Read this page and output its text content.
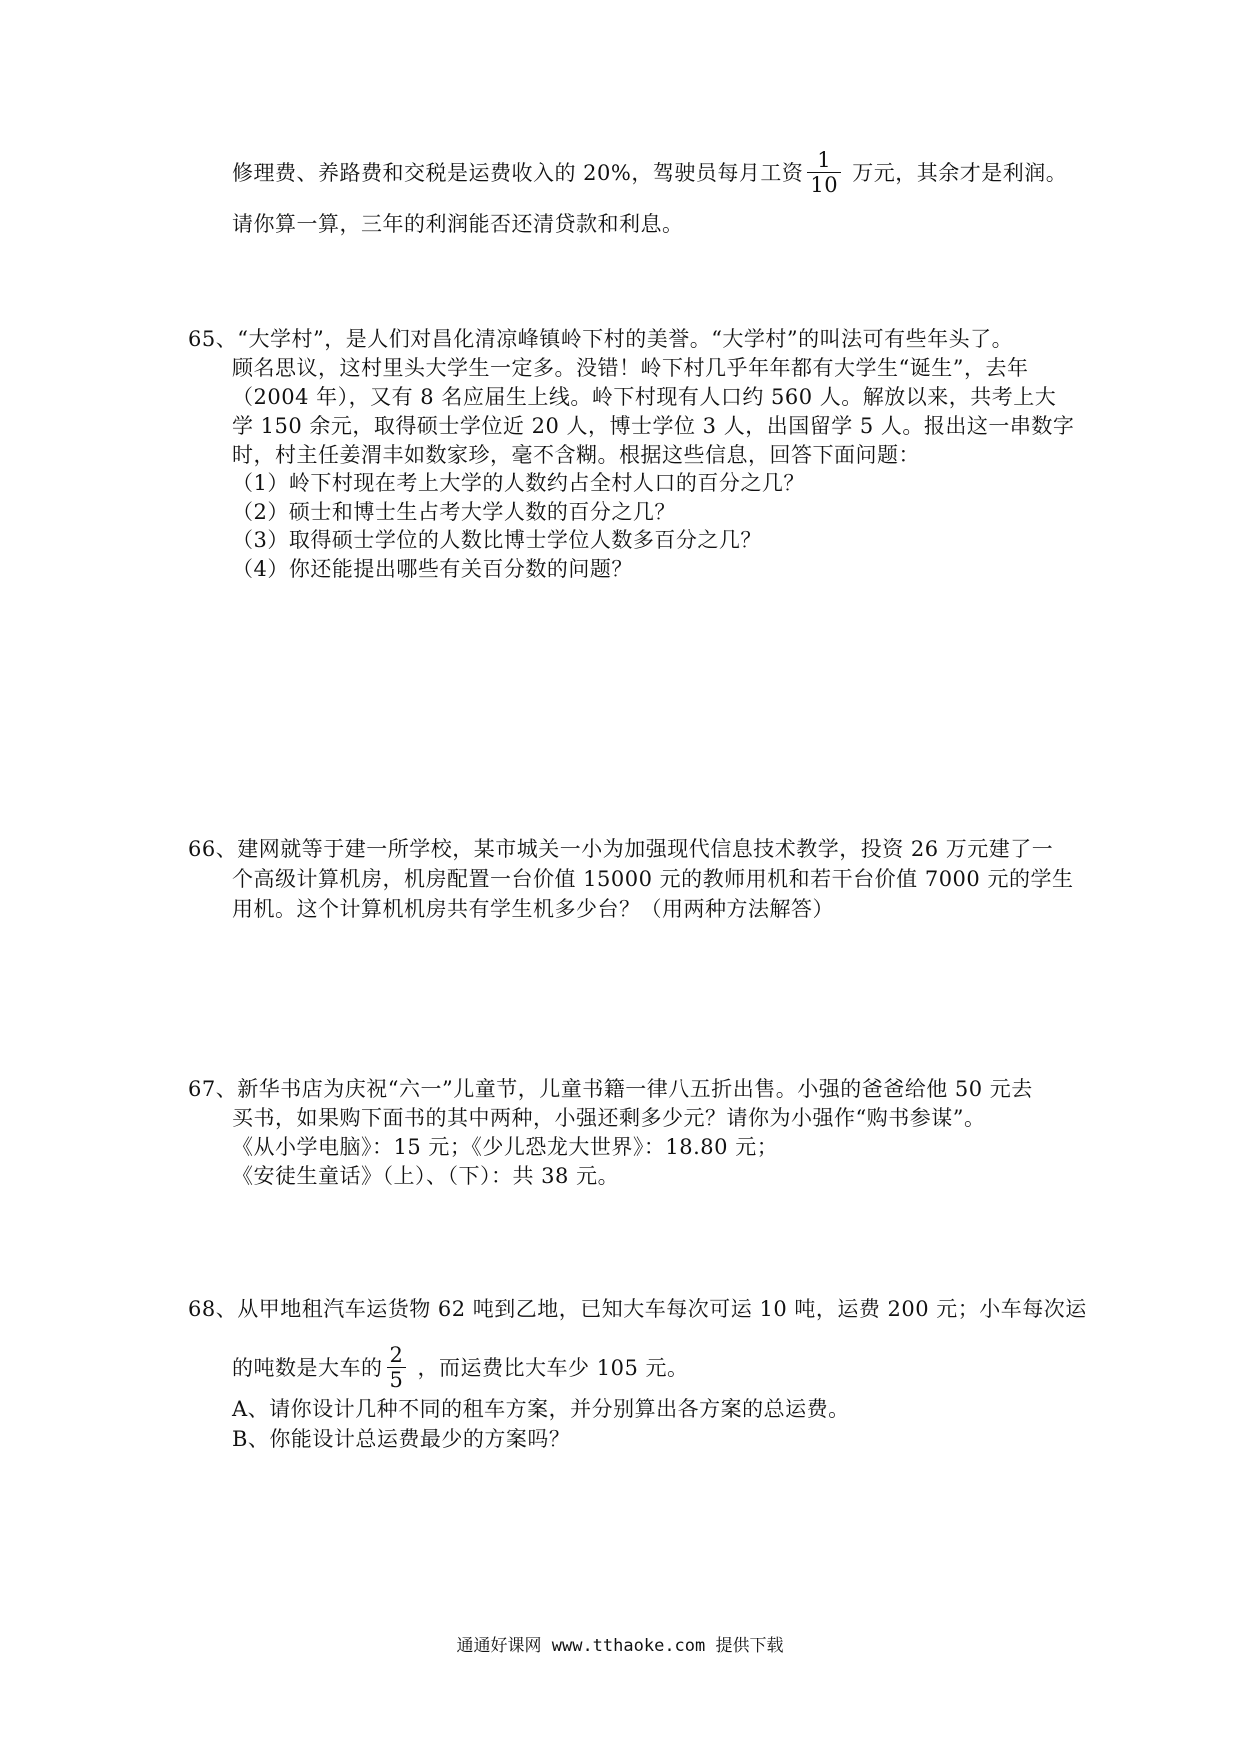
修理费、养路费和交税是运费收入的 20%，驾驶员每月工资 $\frac{1}{10}$ 万元，其余才是利润。
请你算一算，三年的利润能否还清贷款和利息。
65、“大学村”，是人们对昌化清凉峰镇岭下村的美誉。“大学村”的叫法可有些年头了。
顾名思议，这村里头大学生一定多。没错！岭下村几乎年年都有大学生“诞生”，去年
（2004 年），又有 8 名应届生上线。岭下村现有人口约 560 人。解放以来，共考上大
学 150 余元，取得硕士学位近 20 人，博士学位 3 人，出国留学 5 人。报出这一串数字
时，村主任姜渭丰如数家珍，毫不含糊。根据这些信息，回答下面问题：
（1）岭下村现在考上大学的人数约占全村人口的百分之几？
（2）硕士和博士生占考大学人数的百分之几？
（3）取得硕士学位的人数比博士学位人数多百分之几？
（4）你还能提出哪些有关百分数的问题？
66、建网就等于建一所学校，某市城关一小为加强现代信息技术教学，投资 26 万元建了一
个高级计算机房，机房配置一台价值 15000 元的教师用机和若干台价值 7000 元的学生
用机。这个计算机机房共有学生机多少台？（用两种方法解答）
67、新华书店为庆祝“六一”儿童节，儿童书籍一律八五折出售。小强的爸爸给他 50 元去
买书，如果购下面书的其中两种，小强还剩多少元？请你为小强作“购书参谋”。
《从小学电脑》：15 元；《少儿恐龙大世界》：18.80 元；
《安徒生童话》（上）、（下）：共 38 元。
68、从甲地租汽车运货物 62 吨到乙地，已知大车每次可运 10 吨，运费 200 元；小车每次运
的吨数是大车的 $\frac{2}{5}$ ，而运费比大车少 105 元。
A、请你设计几种不同的租车方案，并分别算出各方案的总运费。
B、你能设计总运费最少的方案吗？
通通好课网 www.tthaoke.com 提供下载
